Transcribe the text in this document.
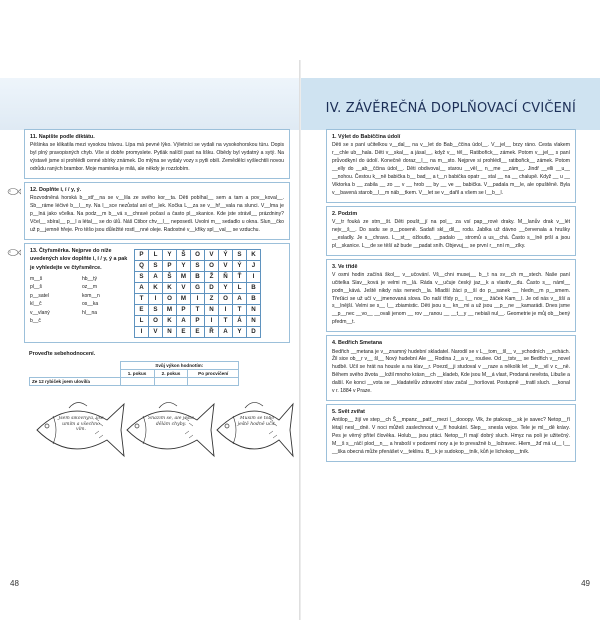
IV. ZÁVĚREČNÁ DOPLŇOVACÍ CVIČENÍ
11. Napište podle diktátu.

Pěšinka se klikatila mezi vysokou trávou. Lípa má pevné lýko. Výletníci se vydali na vysokohorskou túru. Dopis byl plný pravopisných chyb. Vše si dobře promyslete. Pytlák nalíčil past na lišku. Obědy byl vydatný a sytý. Na výstavě jsme si prohlédli cenné sbírky známek. Do mlýna se vydaly vozy s pytli obilí. Zemědělci vyšlechtili novou odrůdu raných brambor. Moje maminka je milá, ale někdy je rozzlobím.

12. Doplňte i, í / y, ý.

Rozvodněná horská b__stř__na se v__lila ze svého kor__ta. Děti pobíhal__ sem a tam a pov__koval__. Sb__ráme léčivé b__l__ny. Na l__sce nezůstal ani of__lek. Kočka L__za se v__hř__vala na slunci. V__lma je p__lná jako včelka. Na podz__m b__vá s__chravé počasí a často pl__skanice. Kde jste strávil__ prázdniny? Včel__ sbíral__ p__l a létal__ se do úlů. Náš Ctibor chv__l__ neposedí. Uvolni m__ sedadlo u okna. Slun__čko už p__jemně hřeje. Pro těšo jsou důležité rostl__nné oleje. Radostné v__křiky spl__val__ se vzduchu.

13. Čtyřsměrka. Nejprve do níže uvedených slov doplňte i, í / y, ý a pak je vyhledejte ve čtyřsměrce.
m__š	hb__tý
pl__š	oz__m
p__satel	kom__n
kl__č	os__ka
v__vlaný	hl__na
b__č
P	L	Y	Š	O	V	Ý	S	K
Q	S	P	Y	S	O	V	Ý	J
S	A	Š	M	B	Ž	Ň	Ť	I
A	K	K	V	G	D	Y	L	B
T	I	O	M	I	Z	O	A	B
E	S	M	P	T	N	I	T	N
L	O	K	A	P	I	T	Á	N
I	V	N	E	E	Ř	A	Y	D
Proveďte sebehodnocení.
	Svůj výkon hodnotím:		
	1. pokus	2. pokus	Po procvičení
Ze 12 rybiček jsem ulovil/a			
Jsem šikovný/á, vše umím a všechno vím.
Snažím se, ale ještě dělám chyby.
Musím se toho ještě hodně učit.
1. Výlet do Babiččina údolí

Děti se s paní učitelkou v__dal__ na v__let do Bab__ččina údol__. V__jel__ brzy ráno. Cesta vlakem r__chle ub__hala. Děti v__skal__ a jásal__, když v__ těl__ Ratibořick__ zámek. Potom v__jel__ s paní průvodkyní do údolí. Konečně doraz__l__ na m__sto. Nejprve si prohlédl__ ratibořick__ zámek. Potom __elly do __ab__ččina údol__. Děti obdivoval__ starou __věl__ n__me __zám__. Jindř __elli __u__ __nohou. Čestou k__ně babička b__ bad__ a t__n babička opatr __ stal __ na __ chalupě. Když __ u __ Viktorka b __ zabila __ zo __ v __ hrob __ by __ ve __ babička. V__padala m__le, ale opuštěně. Byla v__bavená starob__l__m náb__tkem. V__let se v__dařil a všem se l__b__l.

2. Podzim

V__tr fouká ze strn__št. Děti poušt__jí na pol__ za vsí pap__rové draky. M__lanův drak v__lét nejv__š__. Do sadu se p__poseně. Sadaři skl__dil__ rodu. Jablka už dávno __červenala a hrušky __esladly. Je s__chravo. L__st__ ožloutlo, __padalo __ stromů a us__chá. Často s__lně prší a jsou pl__skanice. L__de se těší až bude __padat sníh. Objevuj__ se první r__nní m__zíky.

3. Ve třídě

V osmi hodin začíná škol__ v__učování. Vš__chni musej__ b__t na sv__ch m__stech. Naše paní učitelka Slav__ková je velmi m__lá. Ráda v__učuje český jaz__k a vlastiv__du. Často s__ náml__ podn__kává. Ještě nikdy nás nenech__la. Mladší žáci p__ší do p__sanek __ hledn__m p__smem. Třeťáci se už učí v__jmenovaná slova. Do naší třídy p__ l__ nov__ žáček Kam__l. Je od nás v__šší a s__lnější. Velmi se s__ l__ zbiamistic. Děti jsou s__ kn__mi a už jsou __p__ne __kamarádi. Dnes jsme __p__nec __vo__ __ovali jenom __ rov __ranou __ __t__y __ nebiali nul__. Geometrie je můj ob__bený předm__t.

4. Bedřich Smetana

Bedřich __metana je v__znamný hudební skladatel. Narodil se v L__tom__šl__ v__ychodních __echách. Žil sice ob__r v__ šl__ Nový hudební Ale __ Rodina J__a v__ roušee. Od __tstv__ se Bedřich v__novel hudbě. Učil se hrát na housle a na klav__r. Poezd__ji studoval v __raze a několik let __tr__vil v c__ně. Během svého života __ložil mnoho krásn__ch __kladeb, Kde jsou M__á vlast, Prodaná nevěsta, Libuše a další. Ke konci __vota se __kladatelův zdravotní stav začal __horšovat. Postupně __tratil sluch. __konal v r. 1884 v Praze.

5. Svět zvířat

Antilop__ žijí ve step__ch Š__mpanz__patř__mezi l__dooopy. Vlk, že ptakoup__sk je savec? Netop__ří létají nesl__dně. V noci můžeš zaslechnout v__ří houkání. Slep__ snesla vejce. Tele je ml__dě krávy. Pes je věrný přítel člověka. Holub__ jsou ptáci. Netop__ří mají dobrý sluch. Hmyz na poli je užitečný. M__š s__ráčí plod__n__ a hraboší v podzemí nory a je to prevažně b__ložravec. Hlem__žď má ul__ l__ __ška obecná může přenášet v__teklinu. B__k je sudokop__tník, kůň je lichokop__tník.

48	49
